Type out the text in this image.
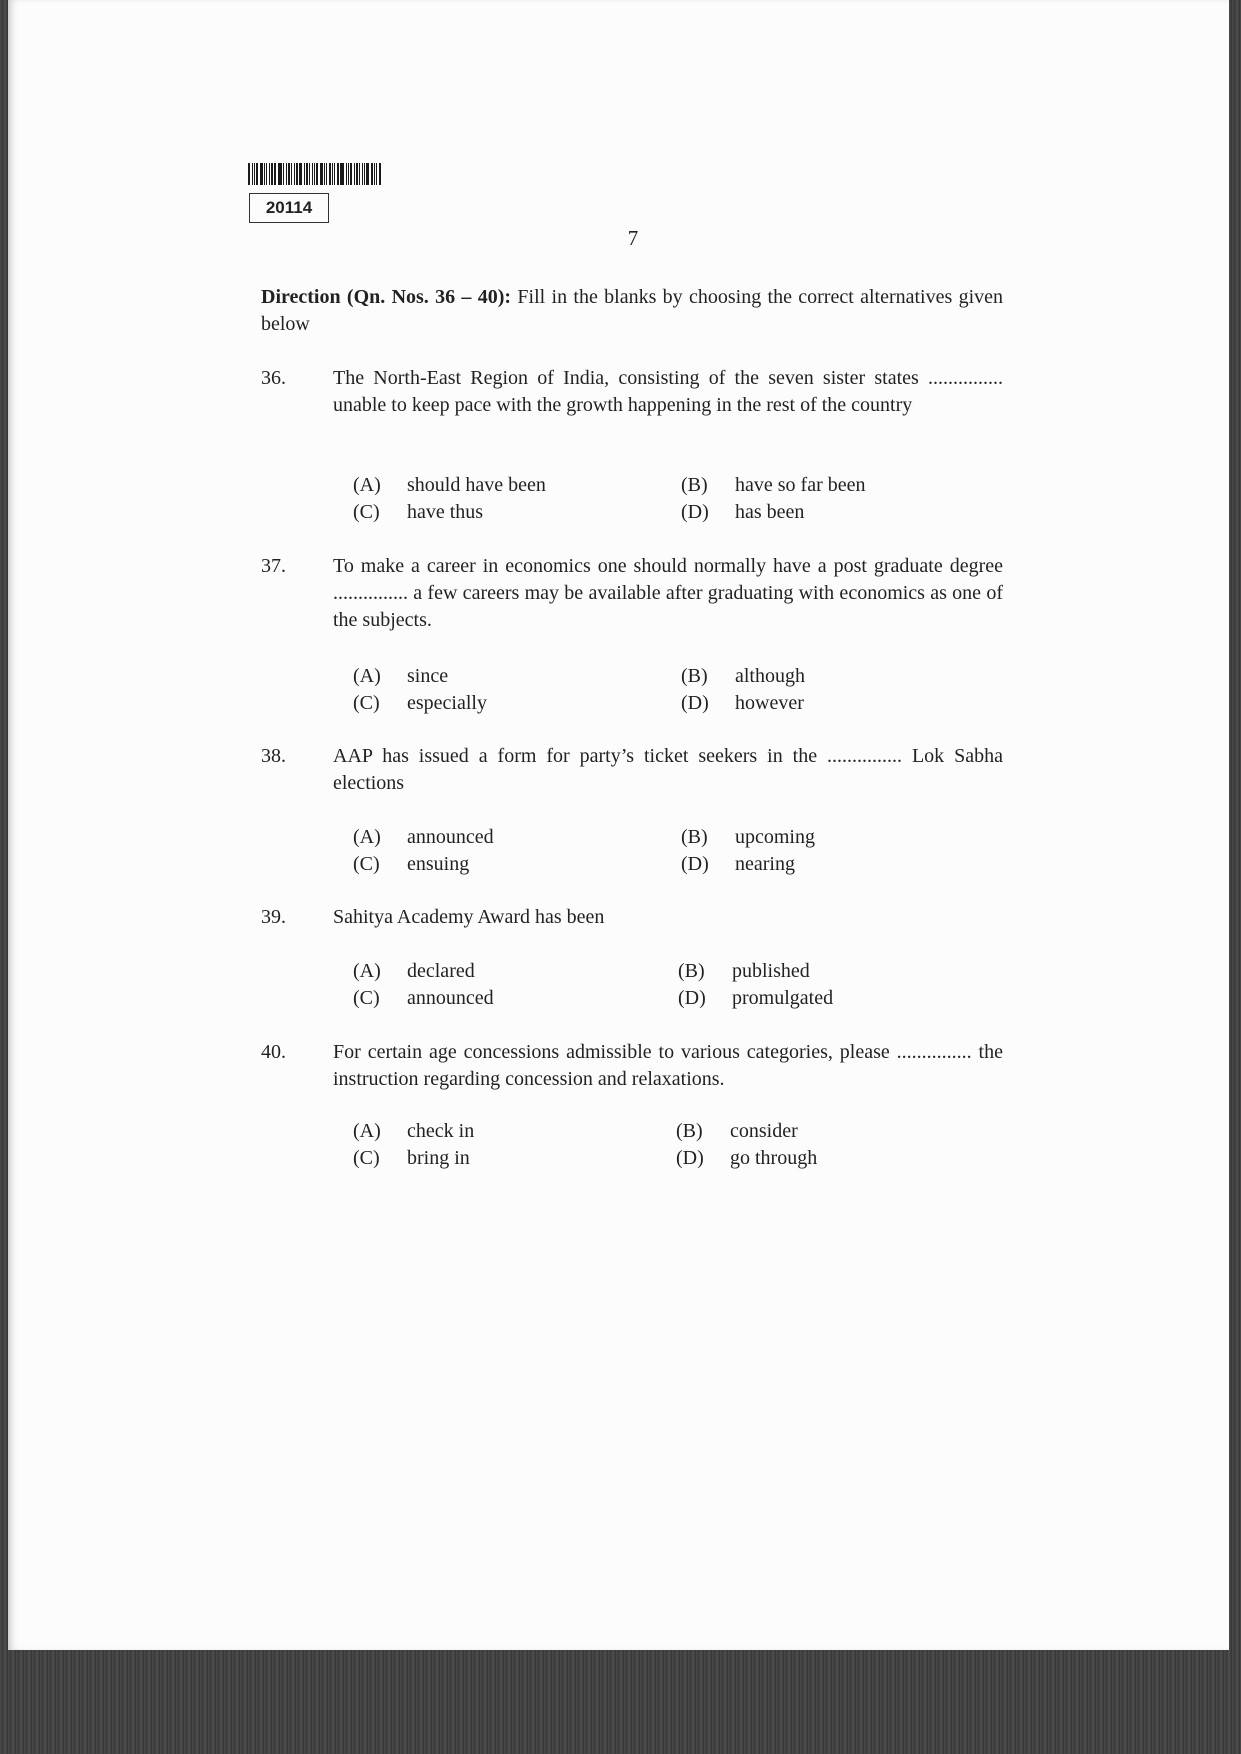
20114
7
Direction (Qn. Nos. 36 – 40): Fill in the blanks by choosing the correct alternatives given below
36.	The North-East Region of India, consisting of the seven sister states ............... unable to keep pace with the growth happening in the rest of the country
(A) should have been	(B) have so far been
(C) have thus	(D) has been
37.	To make a career in economics one should normally have a post graduate degree ............... a few careers may be available after graduating with economics as one of the subjects.
(A) since	(B) although
(C) especially	(D) however
38.	AAP has issued a form for party’s ticket seekers in the ............... Lok Sabha elections
(A) announced	(B) upcoming
(C) ensuing	(D) nearing
39.	Sahitya Academy Award has been
(A) declared	(B) published
(C) announced	(D) promulgated
40.	For certain age concessions admissible to various categories, please ............... the instruction regarding concession and relaxations.
(A) check in	(B) consider
(C) bring in	(D) go through
